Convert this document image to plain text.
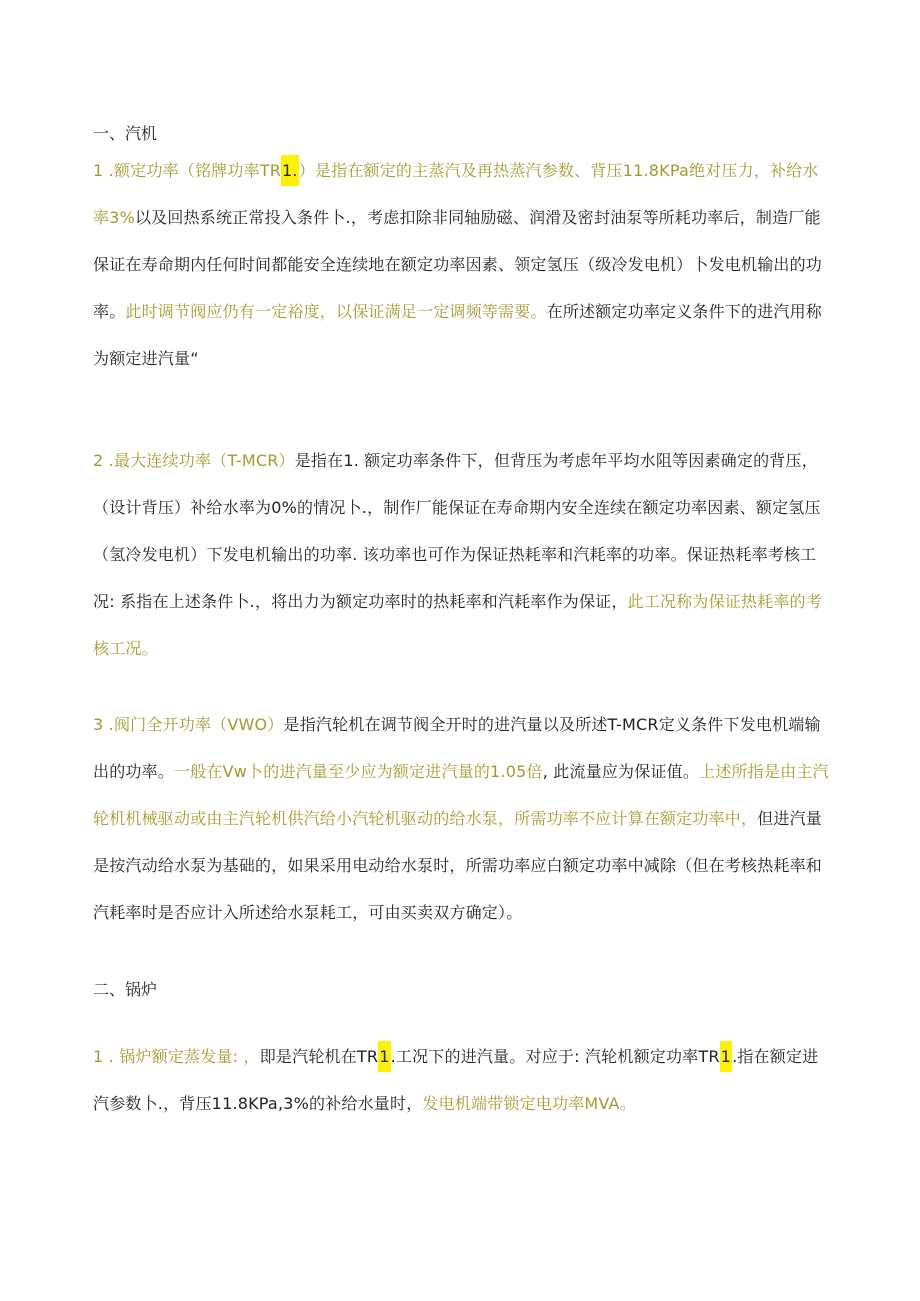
一、汽机

1 .额定功率（铭牌功率TR1.）是指在额定的主蒸汽及再热蒸汽参数、背压11.8KPa绝对压力，补给水率3%以及回热系统正常投入条件卜.，考虑扣除非同轴励磁、润滑及密封油泵等所耗功率后，制造厂能保证在寿命期内任何时间都能安全连续地在额定功率因素、领定氢压（级冷发电机）卜发电机输出的功率。此时调节阀应仍有一定裕度，以保证满足一定调频等需要。在所述额定功率定义条件下的进汽用称为额定进汽量“

2 .最大连续功率（T-MCR）是指在1. 额定功率条件下，但背压为考虑年平均水阻等因素确定的背压，（设计背压）补给水率为0%的情况卜.，制作厂能保证在寿命期内安全连续在额定功率因素、额定氢压（氢冷发电机）下发电机输出的功率. 该功率也可作为保证热耗率和汽耗率的功率。保证热耗率考核工况: 系指在上述条件卜.，将出力为额定功率时的热耗率和汽耗率作为保证，此工况称为保证热耗率的考核工况。

3 .阀门全开功率（VWO）是指汽轮机在调节阀全开时的进汽量以及所述T-MCR定义条件下发电机端输出的功率。一般在Vw卜的进汽量至少应为额定进汽量的1.05倍, 此流量应为保证值。上述所指是由主汽轮机机械驱动或由主汽轮机供汽给小汽轮机驱动的给水泵，所需功率不应计算在额定功率中，但进汽量是按汽动给水泵为基础的，如果采用电动给水泵时，所需功率应白额定功率中减除（但在考核热耗率和汽耗率时是否应计入所述给水泵耗工，可由买卖双方确定）。

二、锅炉

1 . 锅炉额定蒸发量: ，即是汽轮机在TR1.工况下的进汽量。对应于: 汽轮机额定功率TR1.指在额定进汽参数卜.，背压11.8KPa,3%的补给水量时，发电机端带锁定电功率MVA。
